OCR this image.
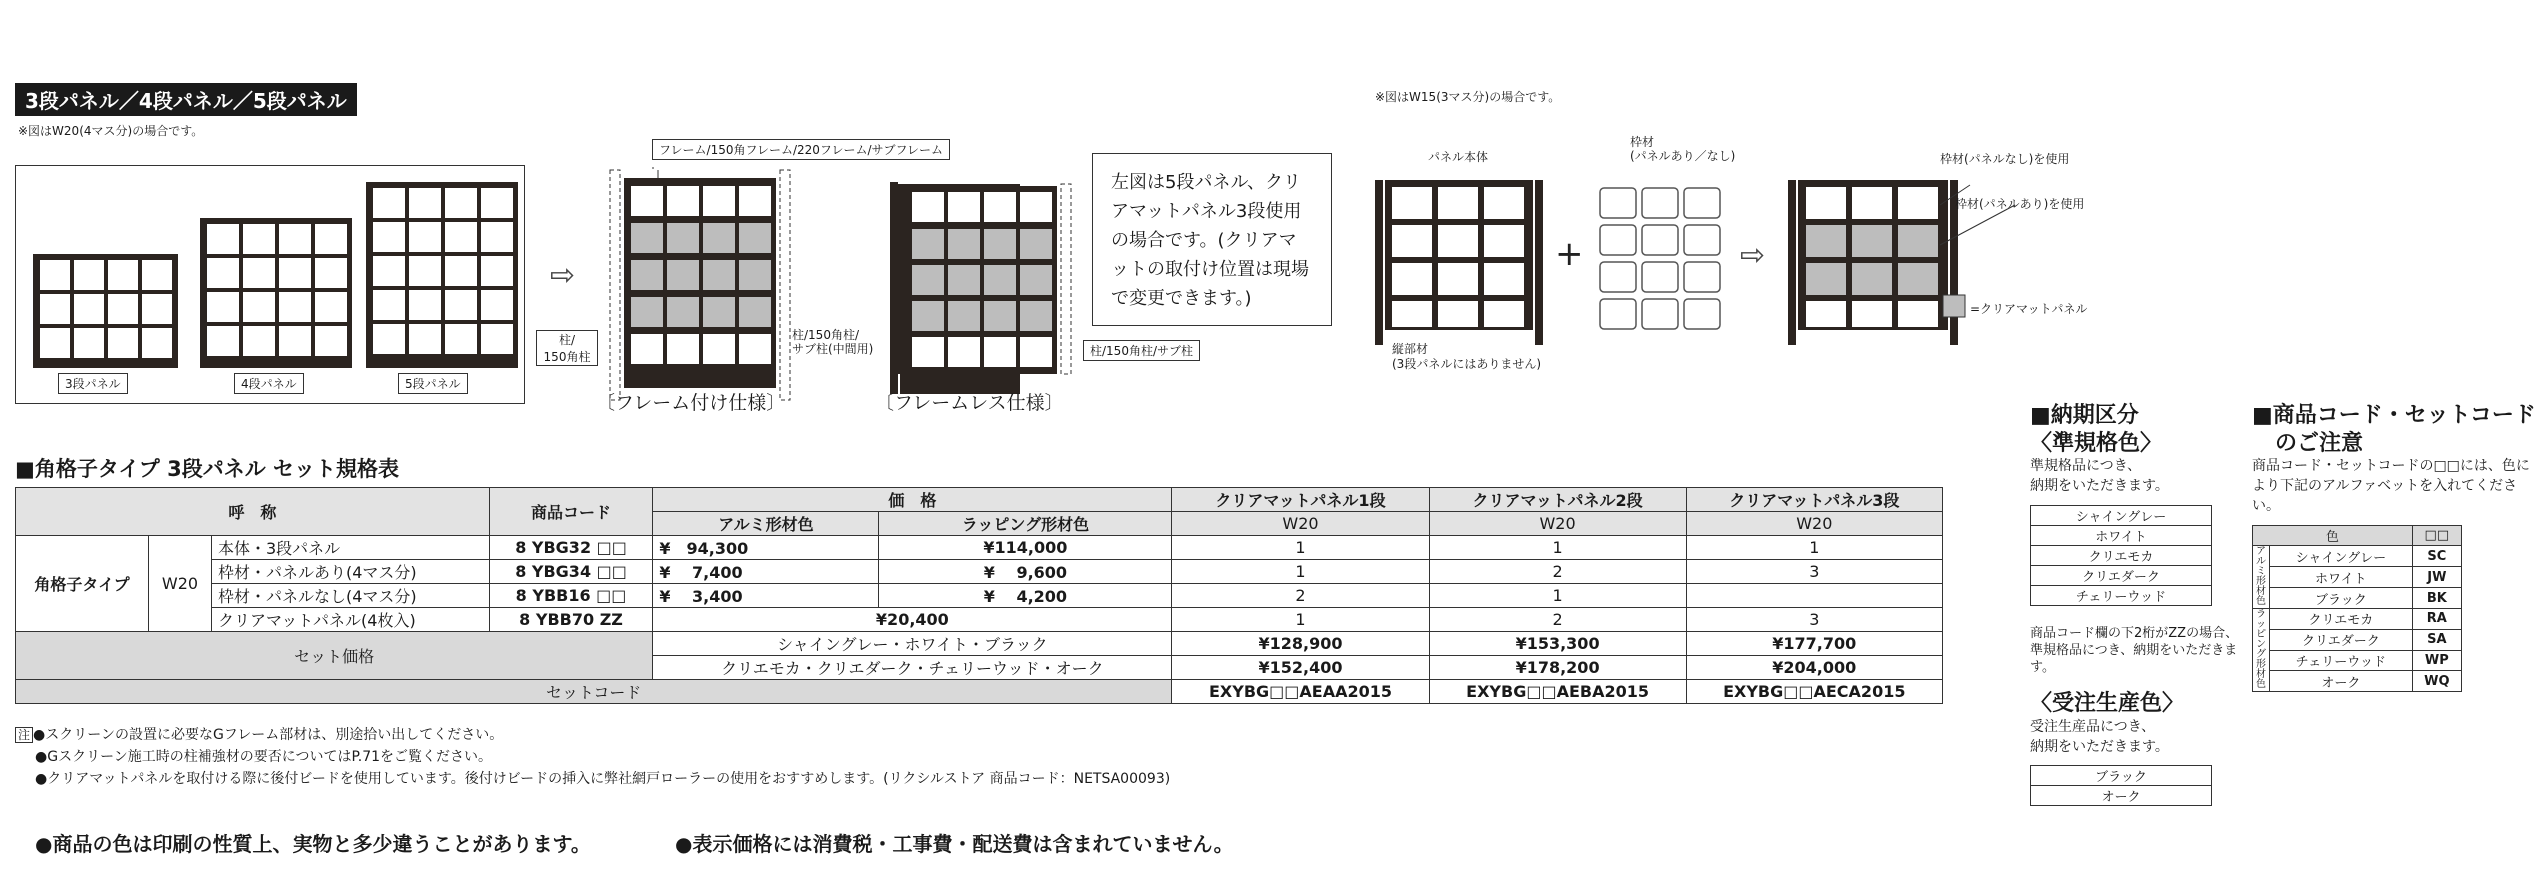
3段パネル／4段パネル／5段パネル
※図はW20(4マス分)の場合です。
※図はW15(3マス分)の場合です。
3段パネル	4段パネル	5段パネル
⇨
フレーム/150角フレーム/220フレーム/サブフレーム
柱/
150角柱
柱/150角柱/
サブ柱(中間用)
〔フレーム付け仕様〕
柱/150角柱/サブ柱
〔フレームレス仕様〕
左図は5段パネル、クリアマットパネル3段使用の場合です。(クリアマットの取付け位置は現場で変更できます。)
パネル本体
+	⇨
枠材
(パネルあり／なし)
縦部材
(3段パネルにはありません)
枠材(パネルなし)を使用
枠材(パネルあり)を使用
=クリアマットパネル
■角格子タイプ 3段パネル セット規格表
呼　称			商品コード	価　格		クリアマットパネル1段	クリアマットパネル2段	クリアマットパネル3段
				アルミ形材色	ラッピング形材色	W20	W20	W20
角格子タイプ	W20	本体・3段パネル	8 YBG32 □□	¥　94,300	¥114,000	1	1	1
		枠材・パネルあり(4マス分)	8 YBG34 □□	¥　 7,400	¥　 9,600	1	2	3
		枠材・パネルなし(4マス分)	8 YBB16 □□	¥　 3,400	¥　 4,200	2	1	
		クリアマットパネル(4枚入)	8 YBB70 ZZ	¥20,400		1	2	3
セット価格				シャイングレー・ホワイト・ブラック		¥128,900	¥153,300	¥177,700
				クリエモカ・クリエダーク・チェリーウッド・オーク		¥152,400	¥178,200	¥204,000
セットコード						EXYBG□□AEAA2015	EXYBG□□AEBA2015	EXYBG□□AECA2015
注 ●スクリーンの設置に必要なGフレーム部材は、別途拾い出してください。
●Gスクリーン施工時の柱補強材の要否についてはP.71をご覧ください。
●クリアマットパネルを取付ける際に後付ビードを使用しています。後付けビードの挿入に弊社網戸ローラーの使用をおすすめします。(リクシルストア 商品コード：NETSA00093)
●商品の色は印刷の性質上、実物と多少違うことがあります。	●表示価格には消費税・工事費・配送費は含まれていません。
■納期区分
〈準規格色〉
準規格品につき、
納期をいただきます。
シャイングレー
ホワイト
クリエモカ
クリエダーク
チェリーウッド
商品コード欄の下2桁がZZの場合、準規格品につき、納期をいただきます。
〈受注生産色〉
受注生産品につき、
納期をいただきます。
ブラック
オーク
■商品コード・セットコード
のご注意
商品コード・セットコードの□□には、色により下記のアルファベットを入れてください。
色		□□
アルミ形材色	シャイングレー	SC
	ホワイト	JW
	ブラック	BK
ラッピング形材色	クリエモカ	RA
	クリエダーク	SA
	チェリーウッド	WP
	オーク	WQ
